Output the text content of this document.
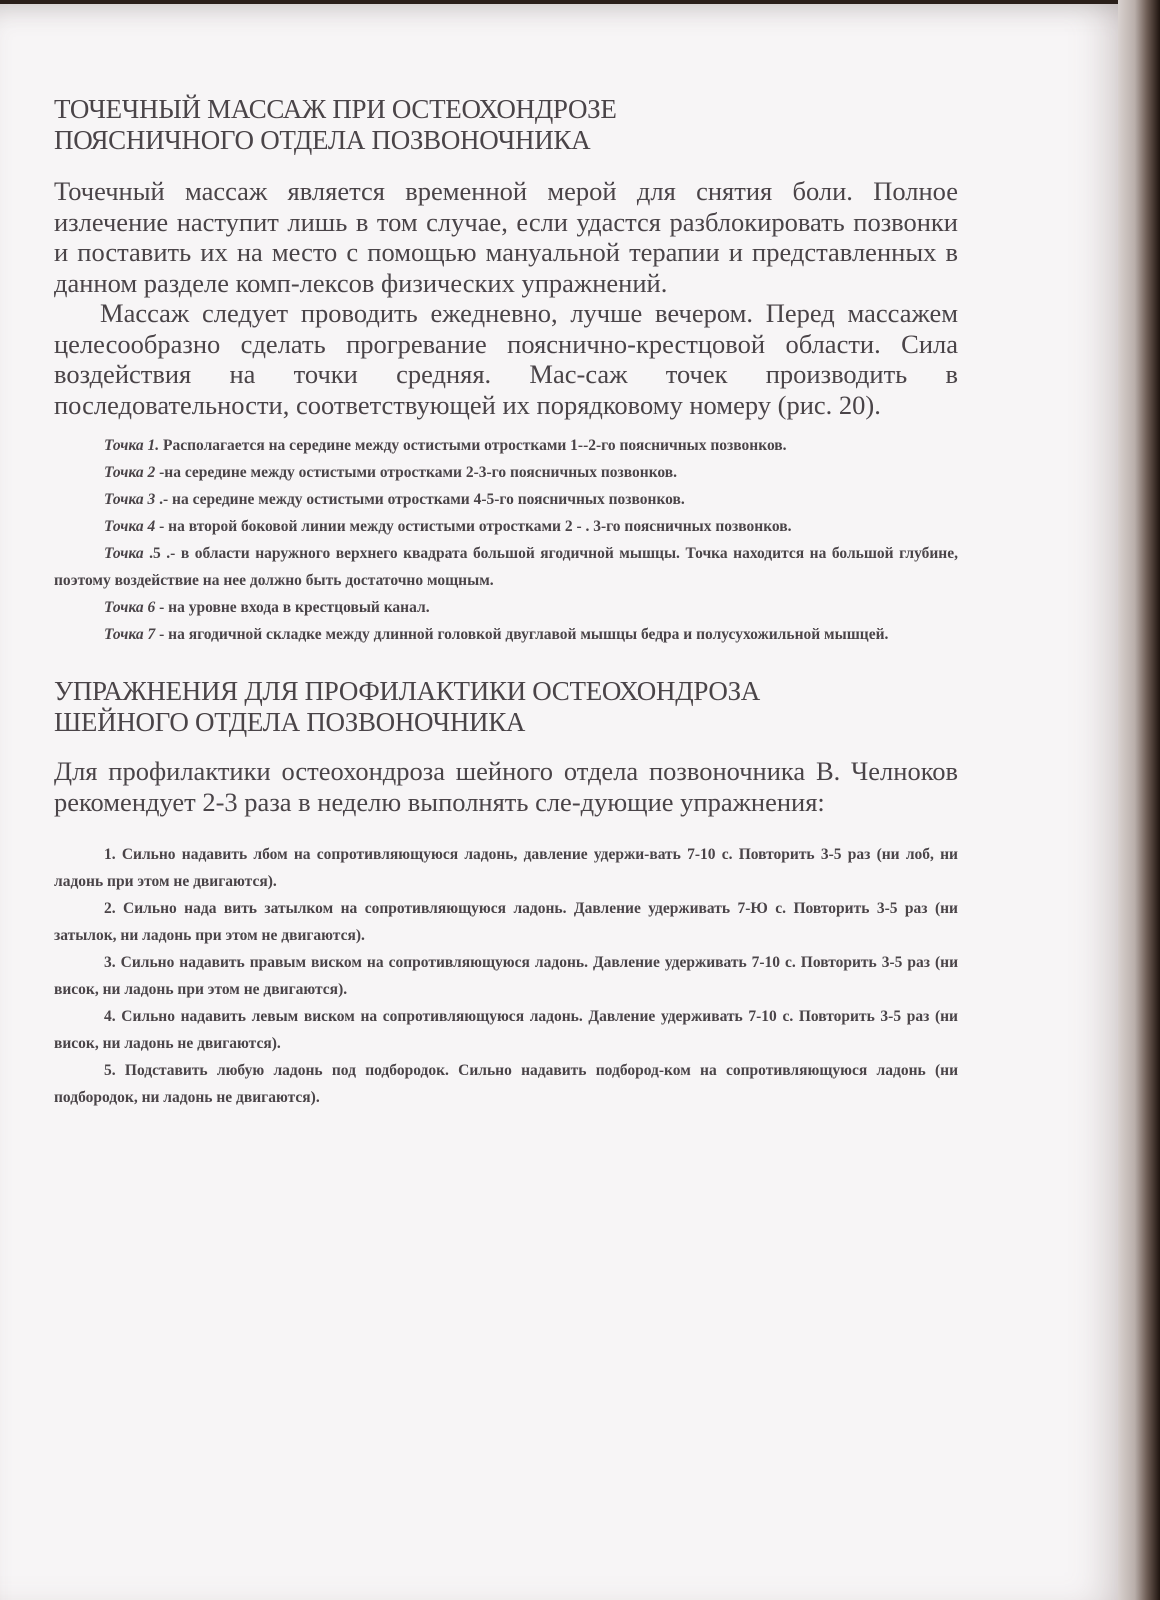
ТОЧЕЧНЫЙ МАССАЖ ПРИ ОСТЕОХОНДРОЗЕ
ПОЯСНИЧНОГО ОТДЕЛА ПОЗВОНОЧНИКА

Точечный массаж является временной мерой для снятия боли. Полное излечение наступит лишь в том случае, если удастся разблокировать позвонки и поставить их на место с помощью мануальной терапии и представленных в данном разделе комп-лексов физических упражнений.

Массаж следует проводить ежедневно, лучше вечером. Перед массажем целесообразно сделать прогревание пояснично-крестцовой области. Сила воздействия на точки средняя. Мас-саж точек производить в последовательности, соответствующей их порядковому номеру (рис. 20).

Точка 1. Располагается на середине между остистыми отростками 1--2-го поясничных позвонков.

Точка 2 -на середине между остистыми отростками 2-3-го поясничных позвонков.

Точка 3 .- на середине между остистыми отростками 4-5-го поясничных позвонков.

Точка 4 - на второй боковой линии между остистыми отростками 2 - . 3-го поясничных позвонков.

Точка .5 .- в области наружного верхнего квадрата большой ягодичной мышцы. Точка находится на большой глубине, поэтому воздействие на нее должно быть достаточно мощным.

Точка 6 - на уровне входа в крестцовый канал.

Точка 7 - на ягодичной складке между длинной головкой двуглавой мышцы бедра и полусухожильной мышцей.

УПРАЖНЕНИЯ ДЛЯ ПРОФИЛАКТИКИ ОСТЕОХОНДРОЗА
ШЕЙНОГО ОТДЕЛА ПОЗВОНОЧНИКА

Для профилактики остеохондроза шейного отдела позвоночника В. Челноков рекомендует 2-3 раза в неделю выполнять сле-дующие упражнения:

1. Сильно надавить лбом на сопротивляющуюся ладонь, давление удержи-вать 7-10 с. Повторить 3-5 раз (ни лоб, ни ладонь при этом не двигаются).

2. Сильно нада вить затылком на сопротивляющуюся ладонь. Давление удерживать 7-Ю с. Повторить 3-5 раз (ни затылок, ни ладонь при этом не двигаются).

3. Сильно надавить правым виском на сопротивляющуюся ладонь. Давление удерживать 7-10 с. Повторить 3-5 раз (ни висок, ни ладонь при этом не двигаются).

4. Сильно надавить левым виском на сопротивляющуюся ладонь. Давление удерживать 7-10 с. Повторить 3-5 раз (ни висок, ни ладонь не двигаются).

5. Подставить любую ладонь под подбородок. Сильно надавить подбород-ком на сопротивляющуюся ладонь (ни подбородок, ни ладонь не двигаются).
